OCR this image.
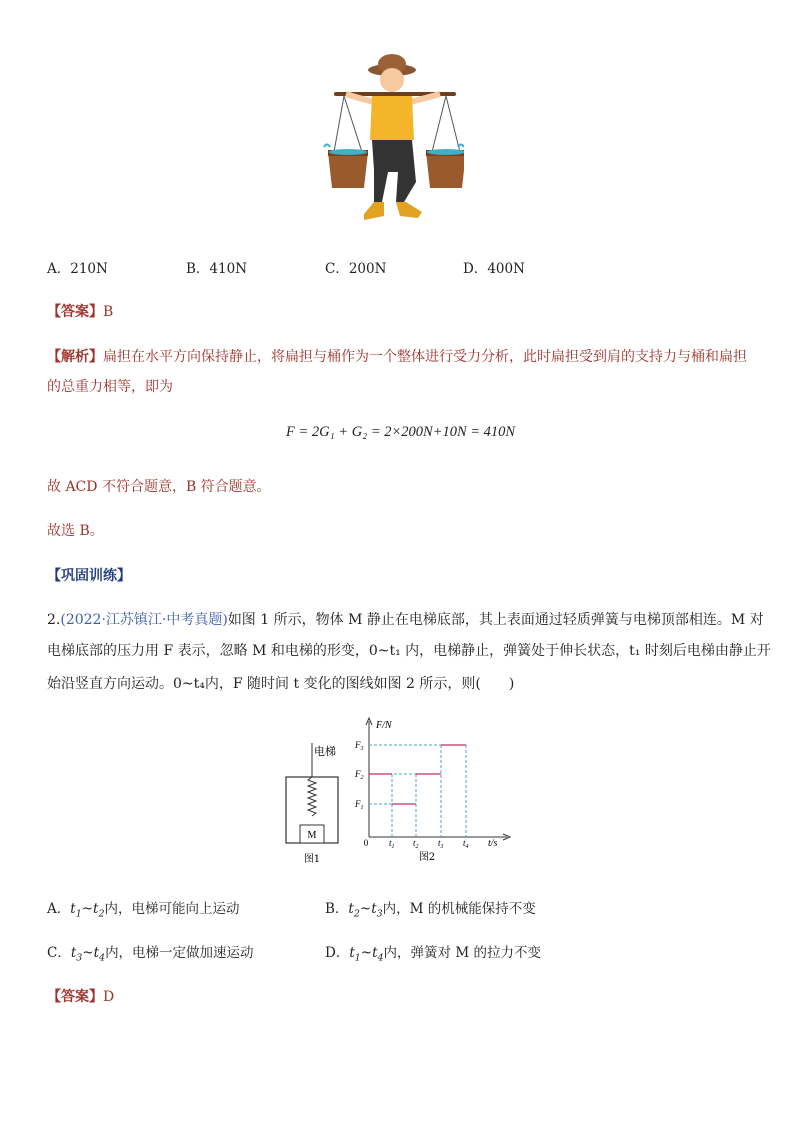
A．210N	B．410N	C．200N	D．400N
【答案】B
【解析】扁担在水平方向保持静止，将扁担与桶作为一个整体进行受力分析，此时扁担受到肩的支持力与桶和扁担
的总重力相等，即为
F = 2G₁ + G₂ = 2×200N+10N = 410N
故 ACD 不符合题意，B 符合题意。
故选 B。
【巩固训练】
2.(2022·江苏镇江·中考真题)如图 1 所示，物体 M 静止在电梯底部，其上表面通过轻质弹簧与电梯顶部相连。M 对
电梯底部的压力用 F 表示，忽略 M 和电梯的形变，0~t₁ 内，电梯静止，弹簧处于伸长状态，t₁ 时刻后电梯由静止开
始沿竖直方向运动。0~t₄内，F 随时间 t 变化的图线如图 2 所示，则(　　)
M
电梯
图1
F/N
t/s
0
$F_1$
$F_2$
$F_3$
$t_1$ $t_2$ $t_3$ $t_4$
图2
A．$t_1\sim t_2$内，电梯可能向上运动	B．$t_2\sim t_3$内，M 的机械能保持不变
C．$t_3\sim t_4$内，电梯一定做加速运动	D．$t_1\sim t_4$内，弹簧对 M 的拉力不变
【答案】D
